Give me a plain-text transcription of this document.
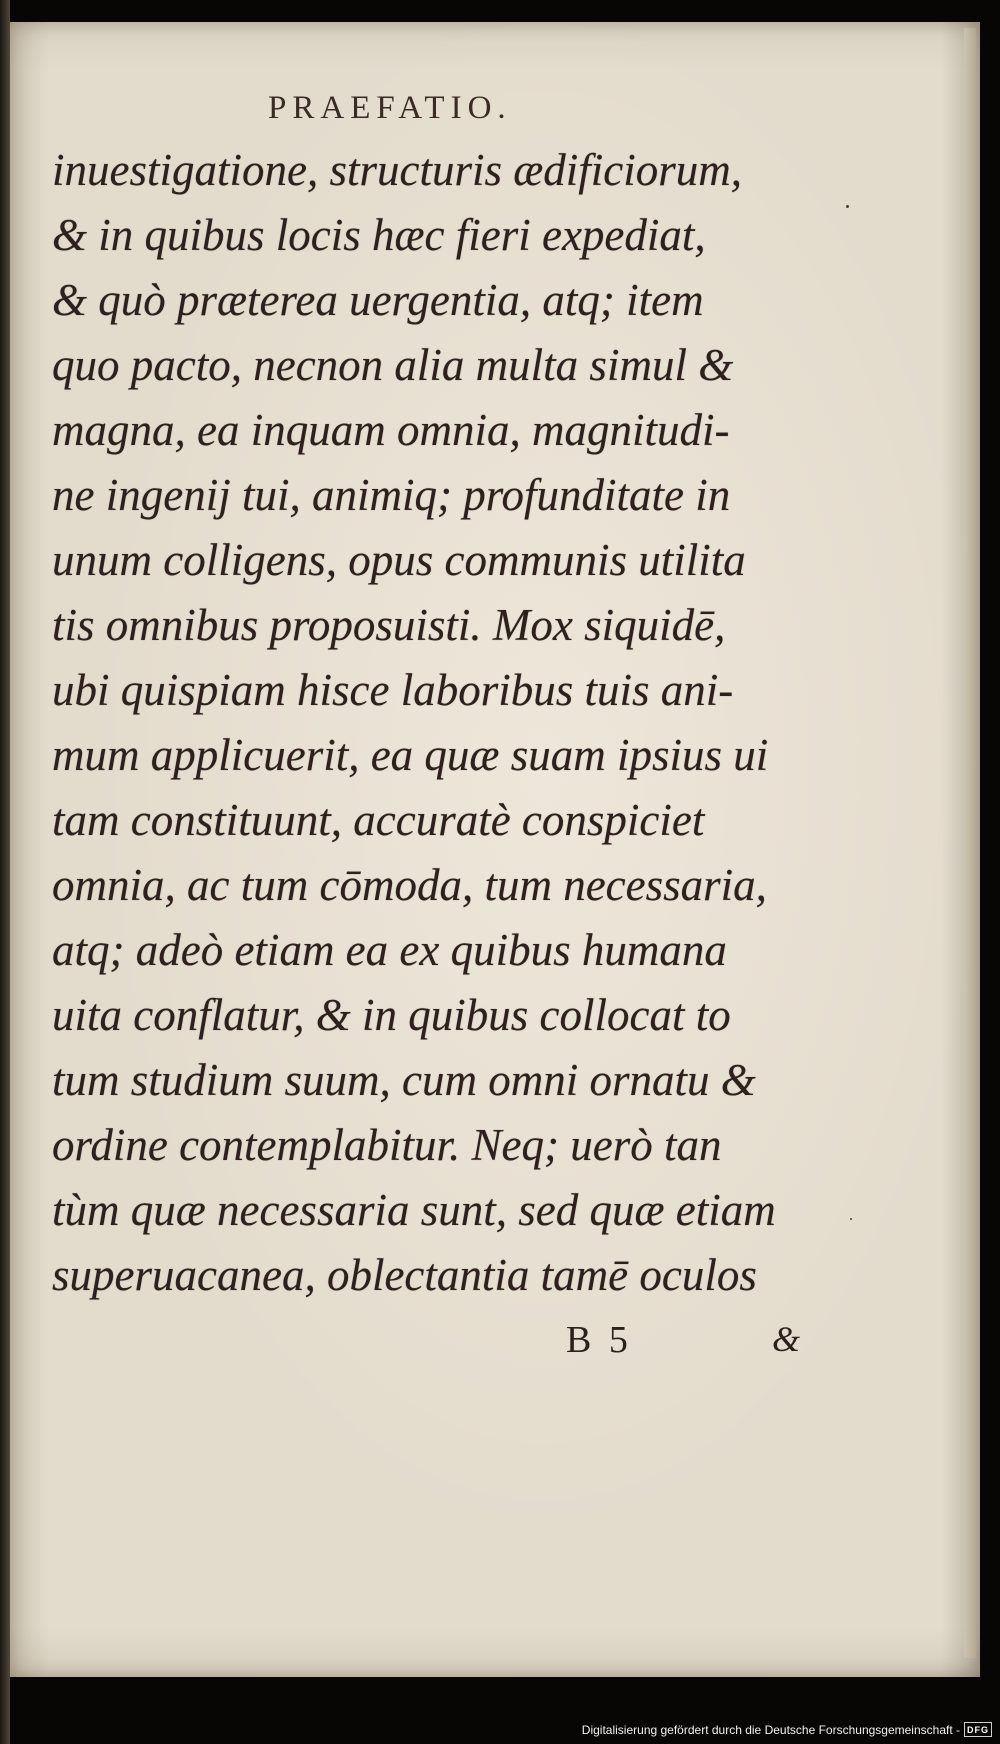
PRAEFATIO.
inuestigatione, structuris ædificiorum,
& in quibus locis hæc fieri expediat,
& quò præterea uergentia, atq; item
quo pacto, necnon alia multa simul &
magna, ea inquam omnia, magnitudi-
ne ingenij tui, animiq; profunditate in
unum colligens, opus communis utilita
tis omnibus proposuisti. Mox siquidē,
ubi quispiam hisce laboribus tuis ani-
mum applicuerit, ea quæ suam ipsius ui
tam constituunt, accuratè conspiciet
omnia, ac tum cōmoda, tum necessaria,
atq; adeò etiam ea ex quibus humana
uita conflatur, & in quibus collocat to
tum studium suum, cum omni ornatu &
ordine contemplabitur. Neq; uerò tan
tùm quæ necessaria sunt, sed quæ etiam
superuacanea, oblectantia tamē oculos
B 5	&
Digitalisierung gefördert durch die Deutsche Forschungsgemeinschaft - DFG
